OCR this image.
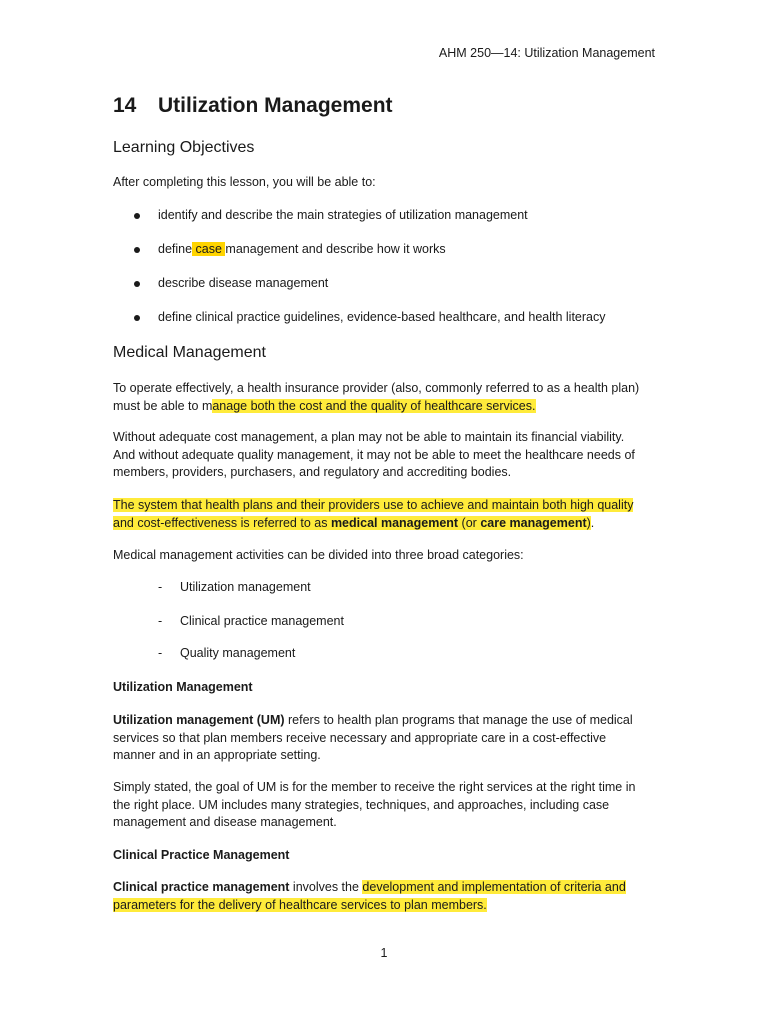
AHM 250—14: Utilization Management
14 Utilization Management
Learning Objectives
After completing this lesson, you will be able to:
identify and describe the main strategies of utilization management
define case management and describe how it works
describe disease management
define clinical practice guidelines, evidence-based healthcare, and health literacy
Medical Management
To operate effectively, a health insurance provider (also, commonly referred to as a health plan)
must be able to manage both the cost and the quality of healthcare services.
Without adequate cost management, a plan may not be able to maintain its financial viability.
And without adequate quality management, it may not be able to meet the healthcare needs of
members, providers, purchasers, and regulatory and accrediting bodies.
The system that health plans and their providers use to achieve and maintain both high quality
and cost-effectiveness is referred to as medical management (or care management).
Medical management activities can be divided into three broad categories:
- Utilization management
- Clinical practice management
- Quality management
Utilization Management
Utilization management (UM) refers to health plan programs that manage the use of medical
services so that plan members receive necessary and appropriate care in a cost-effective
manner and in an appropriate setting.
Simply stated, the goal of UM is for the member to receive the right services at the right time in
the right place. UM includes many strategies, techniques, and approaches, including case
management and disease management.
Clinical Practice Management
Clinical practice management involves the development and implementation of criteria and
parameters for the delivery of healthcare services to plan members.
1
